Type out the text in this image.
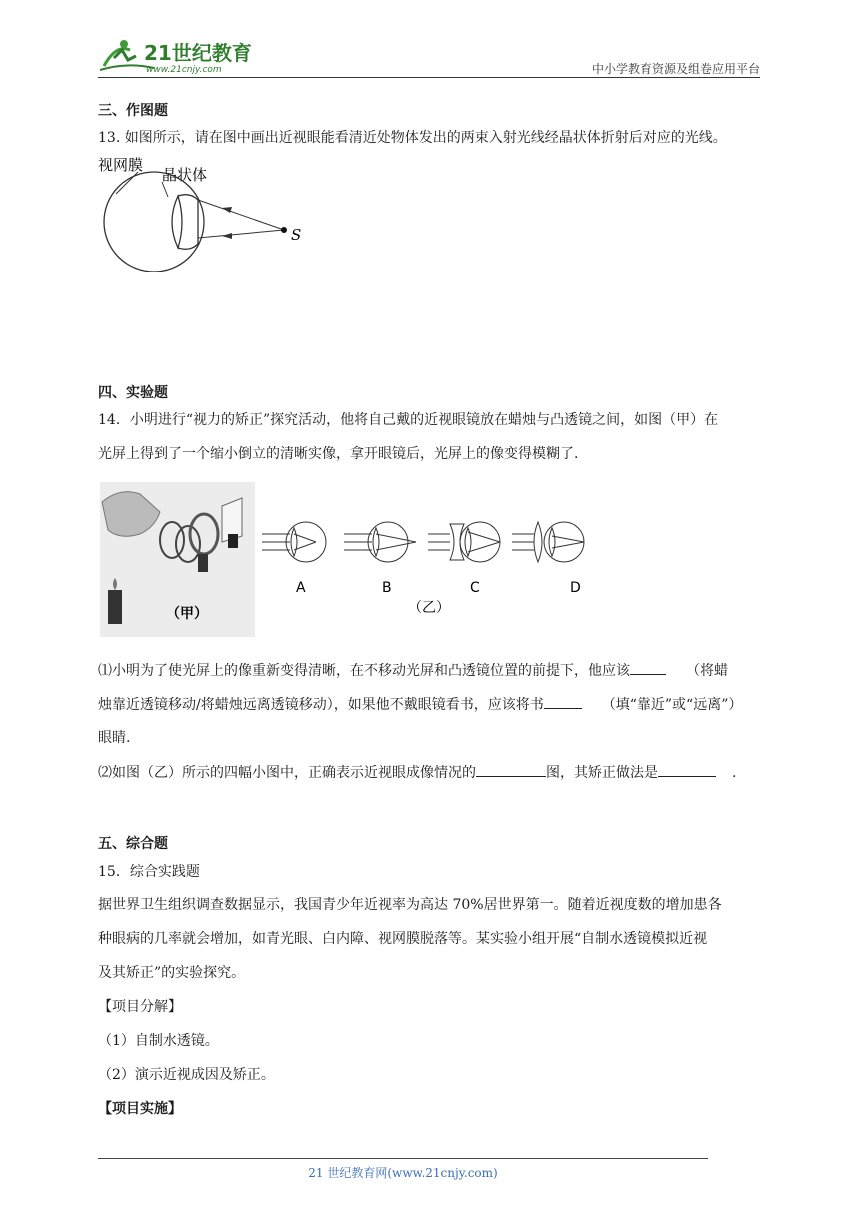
21世纪教育
www.21cnjy.com	中小学教育资源及组卷应用平台
三、作图题
13. 如图所示，请在图中画出近视眼能看清近处物体发出的两束入射光线经晶状体折射后对应的光线。
视网膜
晶状体
S
四、实验题
14．小明进行“视力的矫正”探究活动，他将自己戴的近视眼镜放在蜡烛与凸透镜之间，如图（甲）在
光屏上得到了一个缩小倒立的清晰实像，拿开眼镜后，光屏上的像变得模糊了.
（甲）
A	B	C	D
（乙）
⑴小明为了使光屏上的像重新变得清晰，在不移动光屏和凸透镜位置的前提下，他应该	（将蜡
烛靠近透镜移动/将蜡烛远离透镜移动），如果他不戴眼镜看书，应该将书	（填“靠近”或“远离”）
眼睛.
⑵如图（乙）所示的四幅小图中，正确表示近视眼成像情况的	图，其矫正做法是	.
五、综合题
15．综合实践题
据世界卫生组织调查数据显示，我国青少年近视率为高达 70%居世界第一。随着近视度数的增加患各
种眼病的几率就会增加，如青光眼、白内障、视网膜脱落等。某实验小组开展“自制水透镜模拟近视
及其矫正”的实验探究。
【项目分解】
（1）自制水透镜。
（2）演示近视成因及矫正。
【项目实施】
21 世纪教育网(www.21cnjy.com)
